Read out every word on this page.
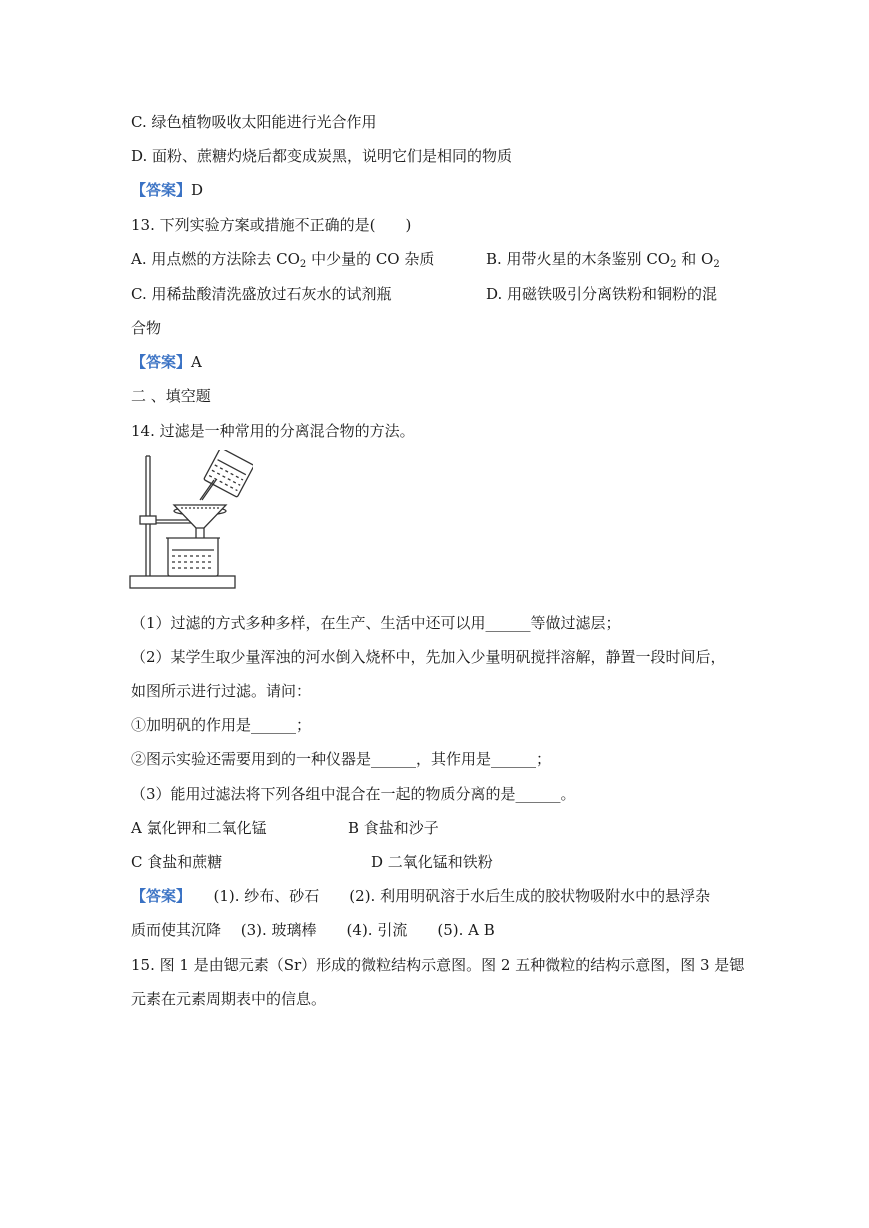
C. 绿色植物吸收太阳能进行光合作用
D. 面粉、蔗糖灼烧后都变成炭黑，说明它们是相同的物质
【答案】D
13. 下列实验方案或措施不正确的是(　　)
A. 用点燃的方法除去 $CO_2$ 中少量的 CO 杂质	B. 用带火星的木条鉴别 $CO_2$ 和 $O_2$
C. 用稀盐酸清洗盛放过石灰水的试剂瓶	D. 用磁铁吸引分离铁粉和铜粉的混
合物
【答案】A
二 、填空题
14. 过滤是一种常用的分离混合物的方法。
（1）过滤的方式多种多样，在生产、生活中还可以用______等做过滤层；
（2）某学生取少量浑浊的河水倒入烧杯中，先加入少量明矾搅拌溶解，静置一段时间后，
如图所示进行过滤。请问：
①加明矾的作用是______；
②图示实验还需要用到的一种仪器是______，其作用是______；
（3）能用过滤法将下列各组中混合在一起的物质分离的是______。
A 氯化钾和二氧化锰	B 食盐和沙子
C 食盐和蔗糖	D 二氧化锰和铁粉
【答案】　　(1). 纱布、砂石　　(2). 利用明矾溶于水后生成的胶状物吸附水中的悬浮杂
质而使其沉降　 (3). 玻璃棒　　(4). 引流　　(5). A B
15. 图 1 是由锶元素（Sr）形成的微粒结构示意图。图 2 五种微粒的结构示意图，图 3 是锶
元素在元素周期表中的信息。
